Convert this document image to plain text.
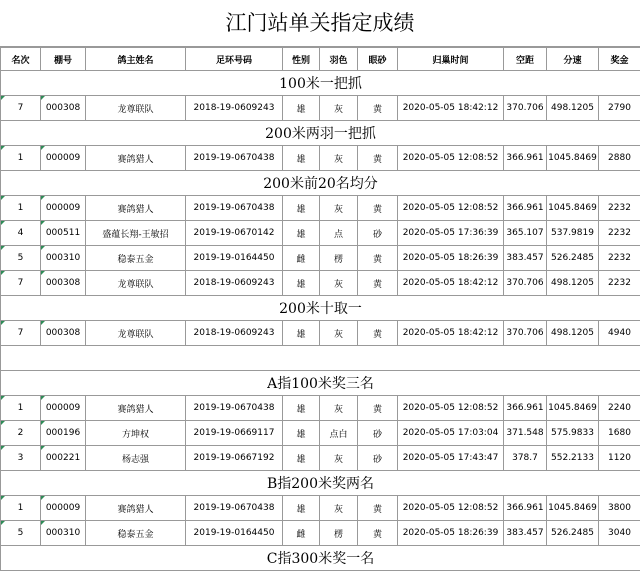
江门站单关指定成绩
名次	棚号	鸽主姓名	足环号码	性别	羽色	眼砂	归巢时间	空距	分速	奖金
100米一把抓										
7	000308	龙尊联队	2018-19-0609243	雄	灰	黄	2020-05-05 18:42:12	370.706	498.1205	2790
200米两羽一把抓										
1	000009	赛鸽猎人	2019-19-0670438	雄	灰	黄	2020-05-05 12:08:52	366.961	1045.8469	2880
200米前20名均分										
1	000009	赛鸽猎人	2019-19-0670438	雄	灰	黄	2020-05-05 12:08:52	366.961	1045.8469	2232
4	000511	盛蕴长翔-王敏招	2019-19-0670142	雄	点	砂	2020-05-05 17:36:39	365.107	537.9819	2232
5	000310	稳泰五金	2019-19-0164450	雌	楞	黄	2020-05-05 18:26:39	383.457	526.2485	2232
7	000308	龙尊联队	2018-19-0609243	雄	灰	黄	2020-05-05 18:42:12	370.706	498.1205	2232
200米十取一										
7	000308	龙尊联队	2018-19-0609243	雄	灰	黄	2020-05-05 18:42:12	370.706	498.1205	4940

A指100米奖三名										
1	000009	赛鸽猎人	2019-19-0670438	雄	灰	黄	2020-05-05 12:08:52	366.961	1045.8469	2240
2	000196	方坤权	2019-19-0669117	雄	点白	砂	2020-05-05 17:03:04	371.548	575.9833	1680
3	000221	杨志强	2019-19-0667192	雄	灰	砂	2020-05-05 17:43:47	378.7	552.2133	1120
B指200米奖两名										
1	000009	赛鸽猎人	2019-19-0670438	雄	灰	黄	2020-05-05 12:08:52	366.961	1045.8469	3800
5	000310	稳泰五金	2019-19-0164450	雌	楞	黄	2020-05-05 18:26:39	383.457	526.2485	3040
C指300米奖一名										
